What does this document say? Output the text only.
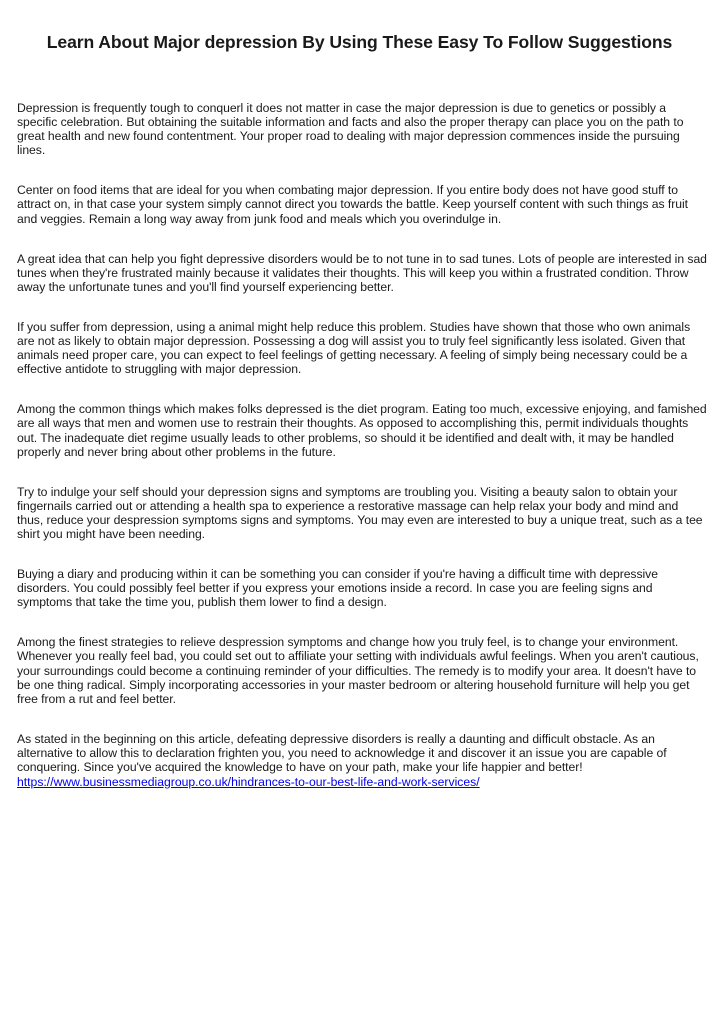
Learn About Major depression By Using These Easy To Follow Suggestions

Depression is frequently tough to conquerl it does not matter in case the major depression is due to genetics or possibly a specific celebration. But obtaining the suitable information and facts and also the proper therapy can place you on the path to great health and new found contentment. Your proper road to dealing with major depression commences inside the pursuing lines.

Center on food items that are ideal for you when combating major depression. If you entire body does not have good stuff to attract on, in that case your system simply cannot direct you towards the battle. Keep yourself content with such things as fruit and veggies. Remain a long way away from junk food and meals which you overindulge in.

A great idea that can help you fight depressive disorders would be to not tune in to sad tunes. Lots of people are interested in sad tunes when they're frustrated mainly because it validates their thoughts. This will keep you within a frustrated condition. Throw away the unfortunate tunes and you'll find yourself experiencing better.

If you suffer from depression, using a animal might help reduce this problem. Studies have shown that those who own animals are not as likely to obtain major depression. Possessing a dog will assist you to truly feel significantly less isolated. Given that animals need proper care, you can expect to feel feelings of getting necessary. A feeling of simply being necessary could be a effective antidote to struggling with major depression.

Among the common things which makes folks depressed is the diet program. Eating too much, excessive enjoying, and famished are all ways that men and women use to restrain their thoughts. As opposed to accomplishing this, permit individuals thoughts out. The inadequate diet regime usually leads to other problems, so should it be identified and dealt with, it may be handled properly and never bring about other problems in the future.

Try to indulge your self should your depression signs and symptoms are troubling you. Visiting a beauty salon to obtain your fingernails carried out or attending a health spa to experience a restorative massage can help relax your body and mind and thus, reduce your despression symptoms signs and symptoms. You may even are interested to buy a unique treat, such as a tee shirt you might have been needing.

Buying a diary and producing within it can be something you can consider if you're having a difficult time with depressive disorders. You could possibly feel better if you express your emotions inside a record. In case you are feeling signs and symptoms that take the time you, publish them lower to find a design.

Among the finest strategies to relieve despression symptoms and change how you truly feel, is to change your environment. Whenever you really feel bad, you could set out to affiliate your setting with individuals awful feelings. When you aren't cautious, your surroundings could become a continuing reminder of your difficulties. The remedy is to modify your area. It doesn't have to be one thing radical. Simply incorporating accessories in your master bedroom or altering household furniture will help you get free from a rut and feel better.

As stated in the beginning on this article, defeating depressive disorders is really a daunting and difficult obstacle. As an alternative to allow this to declaration frighten you, you need to acknowledge it and discover it an issue you are capable of conquering. Since you've acquired the knowledge to have on your path, make your life happier and better!

https://www.businessmediagroup.co.uk/hindrances-to-our-best-life-and-work-services/
